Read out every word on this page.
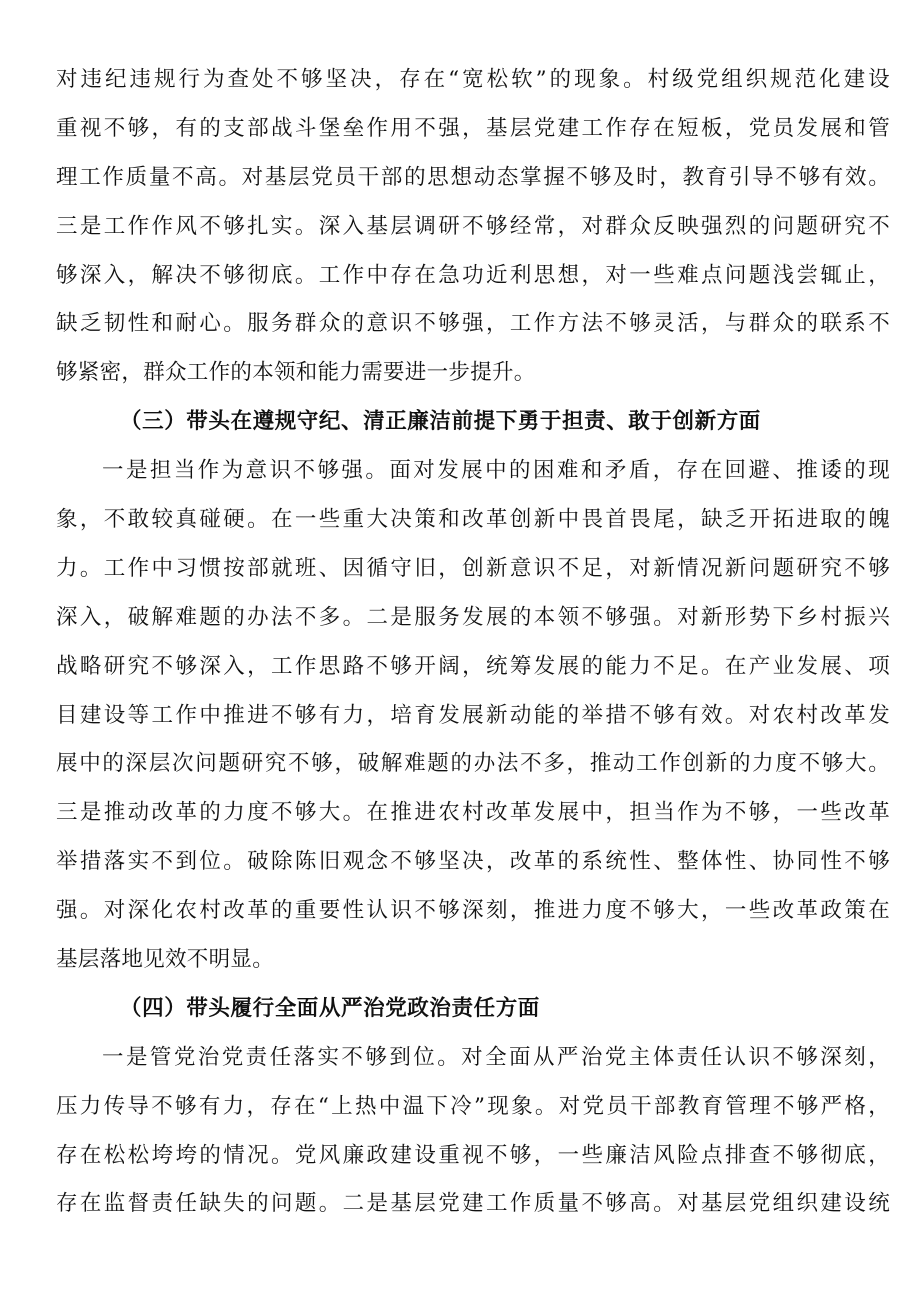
对违纪违规行为查处不够坚决，存在“宽松软”的现象。村级党组织规范化建设
重视不够，有的支部战斗堡垒作用不强，基层党建工作存在短板，党员发展和管
理工作质量不高。对基层党员干部的思想动态掌握不够及时，教育引导不够有效。
三是工作作风不够扎实。深入基层调研不够经常，对群众反映强烈的问题研究不
够深入，解决不够彻底。工作中存在急功近利思想，对一些难点问题浅尝辄止，
缺乏韧性和耐心。服务群众的意识不够强，工作方法不够灵活，与群众的联系不
够紧密，群众工作的本领和能力需要进一步提升。
（三）带头在遵规守纪、清正廉洁前提下勇于担责、敢于创新方面
一是担当作为意识不够强。面对发展中的困难和矛盾，存在回避、推诿的现
象，不敢较真碰硬。在一些重大决策和改革创新中畏首畏尾，缺乏开拓进取的魄
力。工作中习惯按部就班、因循守旧，创新意识不足，对新情况新问题研究不够
深入，破解难题的办法不多。二是服务发展的本领不够强。对新形势下乡村振兴
战略研究不够深入，工作思路不够开阔，统筹发展的能力不足。在产业发展、项
目建设等工作中推进不够有力，培育发展新动能的举措不够有效。对农村改革发
展中的深层次问题研究不够，破解难题的办法不多，推动工作创新的力度不够大。
三是推动改革的力度不够大。在推进农村改革发展中，担当作为不够，一些改革
举措落实不到位。破除陈旧观念不够坚决，改革的系统性、整体性、协同性不够
强。对深化农村改革的重要性认识不够深刻，推进力度不够大，一些改革政策在
基层落地见效不明显。
（四）带头履行全面从严治党政治责任方面
一是管党治党责任落实不够到位。对全面从严治党主体责任认识不够深刻，
压力传导不够有力，存在“上热中温下冷”现象。对党员干部教育管理不够严格，
存在松松垮垮的情况。党风廉政建设重视不够，一些廉洁风险点排查不够彻底，
存在监督责任缺失的问题。二是基层党建工作质量不够高。对基层党组织建设统
